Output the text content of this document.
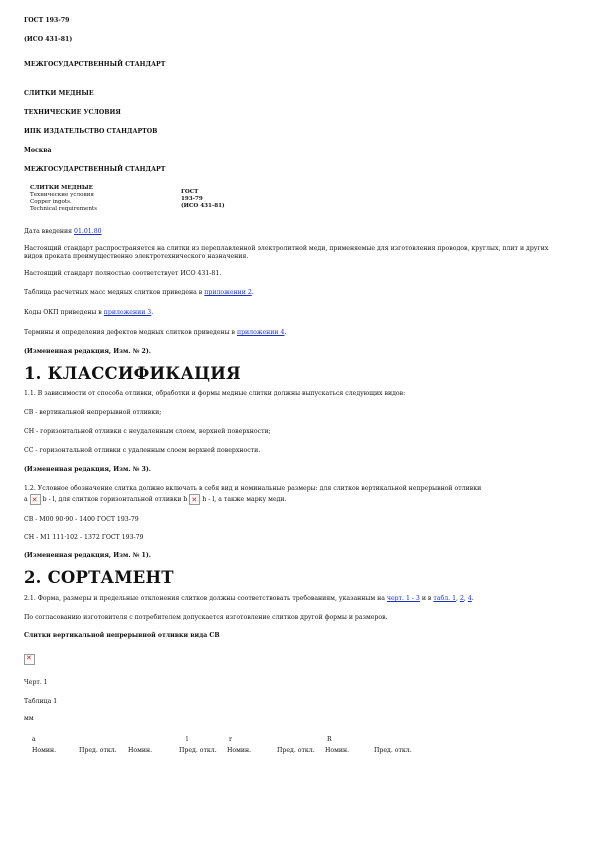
ГОСТ 193-79

(ИСО 431-81)

МЕЖГОСУДАРСТВЕННЫЙ СТАНДАРТ

СЛИТКИ МЕДНЫЕ

ТЕХНИЧЕСКИЕ УСЛОВИЯ

ИПК ИЗДАТЕЛЬСТВО СТАНДАРТОВ

Москва

МЕЖГОСУДАРСТВЕННЫЙ СТАНДАРТ

СЛИТКИ МЕДНЫЕ

Технические условия

Copper ingots.

Technical requirements

ГОСТ

193-79

(ИСО 431-81)

Дата введения 01.01.80

Настоящий стандарт распространяется на слитки из переплавленной электролитной меди, применяемые для изготовления проводов, круглых, плит и других видов проката преимущественно электротехнического назначения.

Настоящий стандарт полностью соответствует ИСО 431-81.

Таблица расчетных масс медных слитков приведена в приложении 2.

Коды ОКП приведены в приложении 3.

Термины и определения дефектов медных слитков приведены в приложении 4.

(Измененная редакция, Изм. № 2).

1. КЛАССИФИКАЦИЯ

1.1. В зависимости от способа отливки, обработки и формы медные слитки должны выпускаться следующих видов:

СВ - вертикальной непрерывной отливки;

СН - горизонтальной отливки с неудаленным слоем, верхней поверхности;

СС - горизонтальной отливки с удаленным слоем верхней поверхности.

(Измененная редакция, Изм. № 3).

1.2. Условное обозначение слитка должно включать в себя вид и номинальные размеры: для слитков вертикальной непрерывной отливки

а ✕ b - l, для слитков горизонтальной отливки b ✕ h - l, а также марку меди.

СВ - М00 90·90 - 1400 ГОСТ 193-79

СН - М1 111·102 - 1372 ГОСТ 193-79

(Измененная редакция, Изм. № 1).

2. СОРТАМЕНТ

2.1. Форма, размеры и предельные отклонения слитков должны соответствовать требованиям, указанным на черт. 1 - 3 и в табл. 1, 2, 4.

По согласованию изготовителя с потребителем допускается изготовление слитков другой формы и размеров.

Слитки вертикальной непрерывной отливки вида СВ

✕

Черт. 1

Таблица 1

мм

a	l	r	R
Номин.	Пред. откл. Номин.	Пред. откл. Номин.	Пред. откл. Номин.	Пред. откл.
